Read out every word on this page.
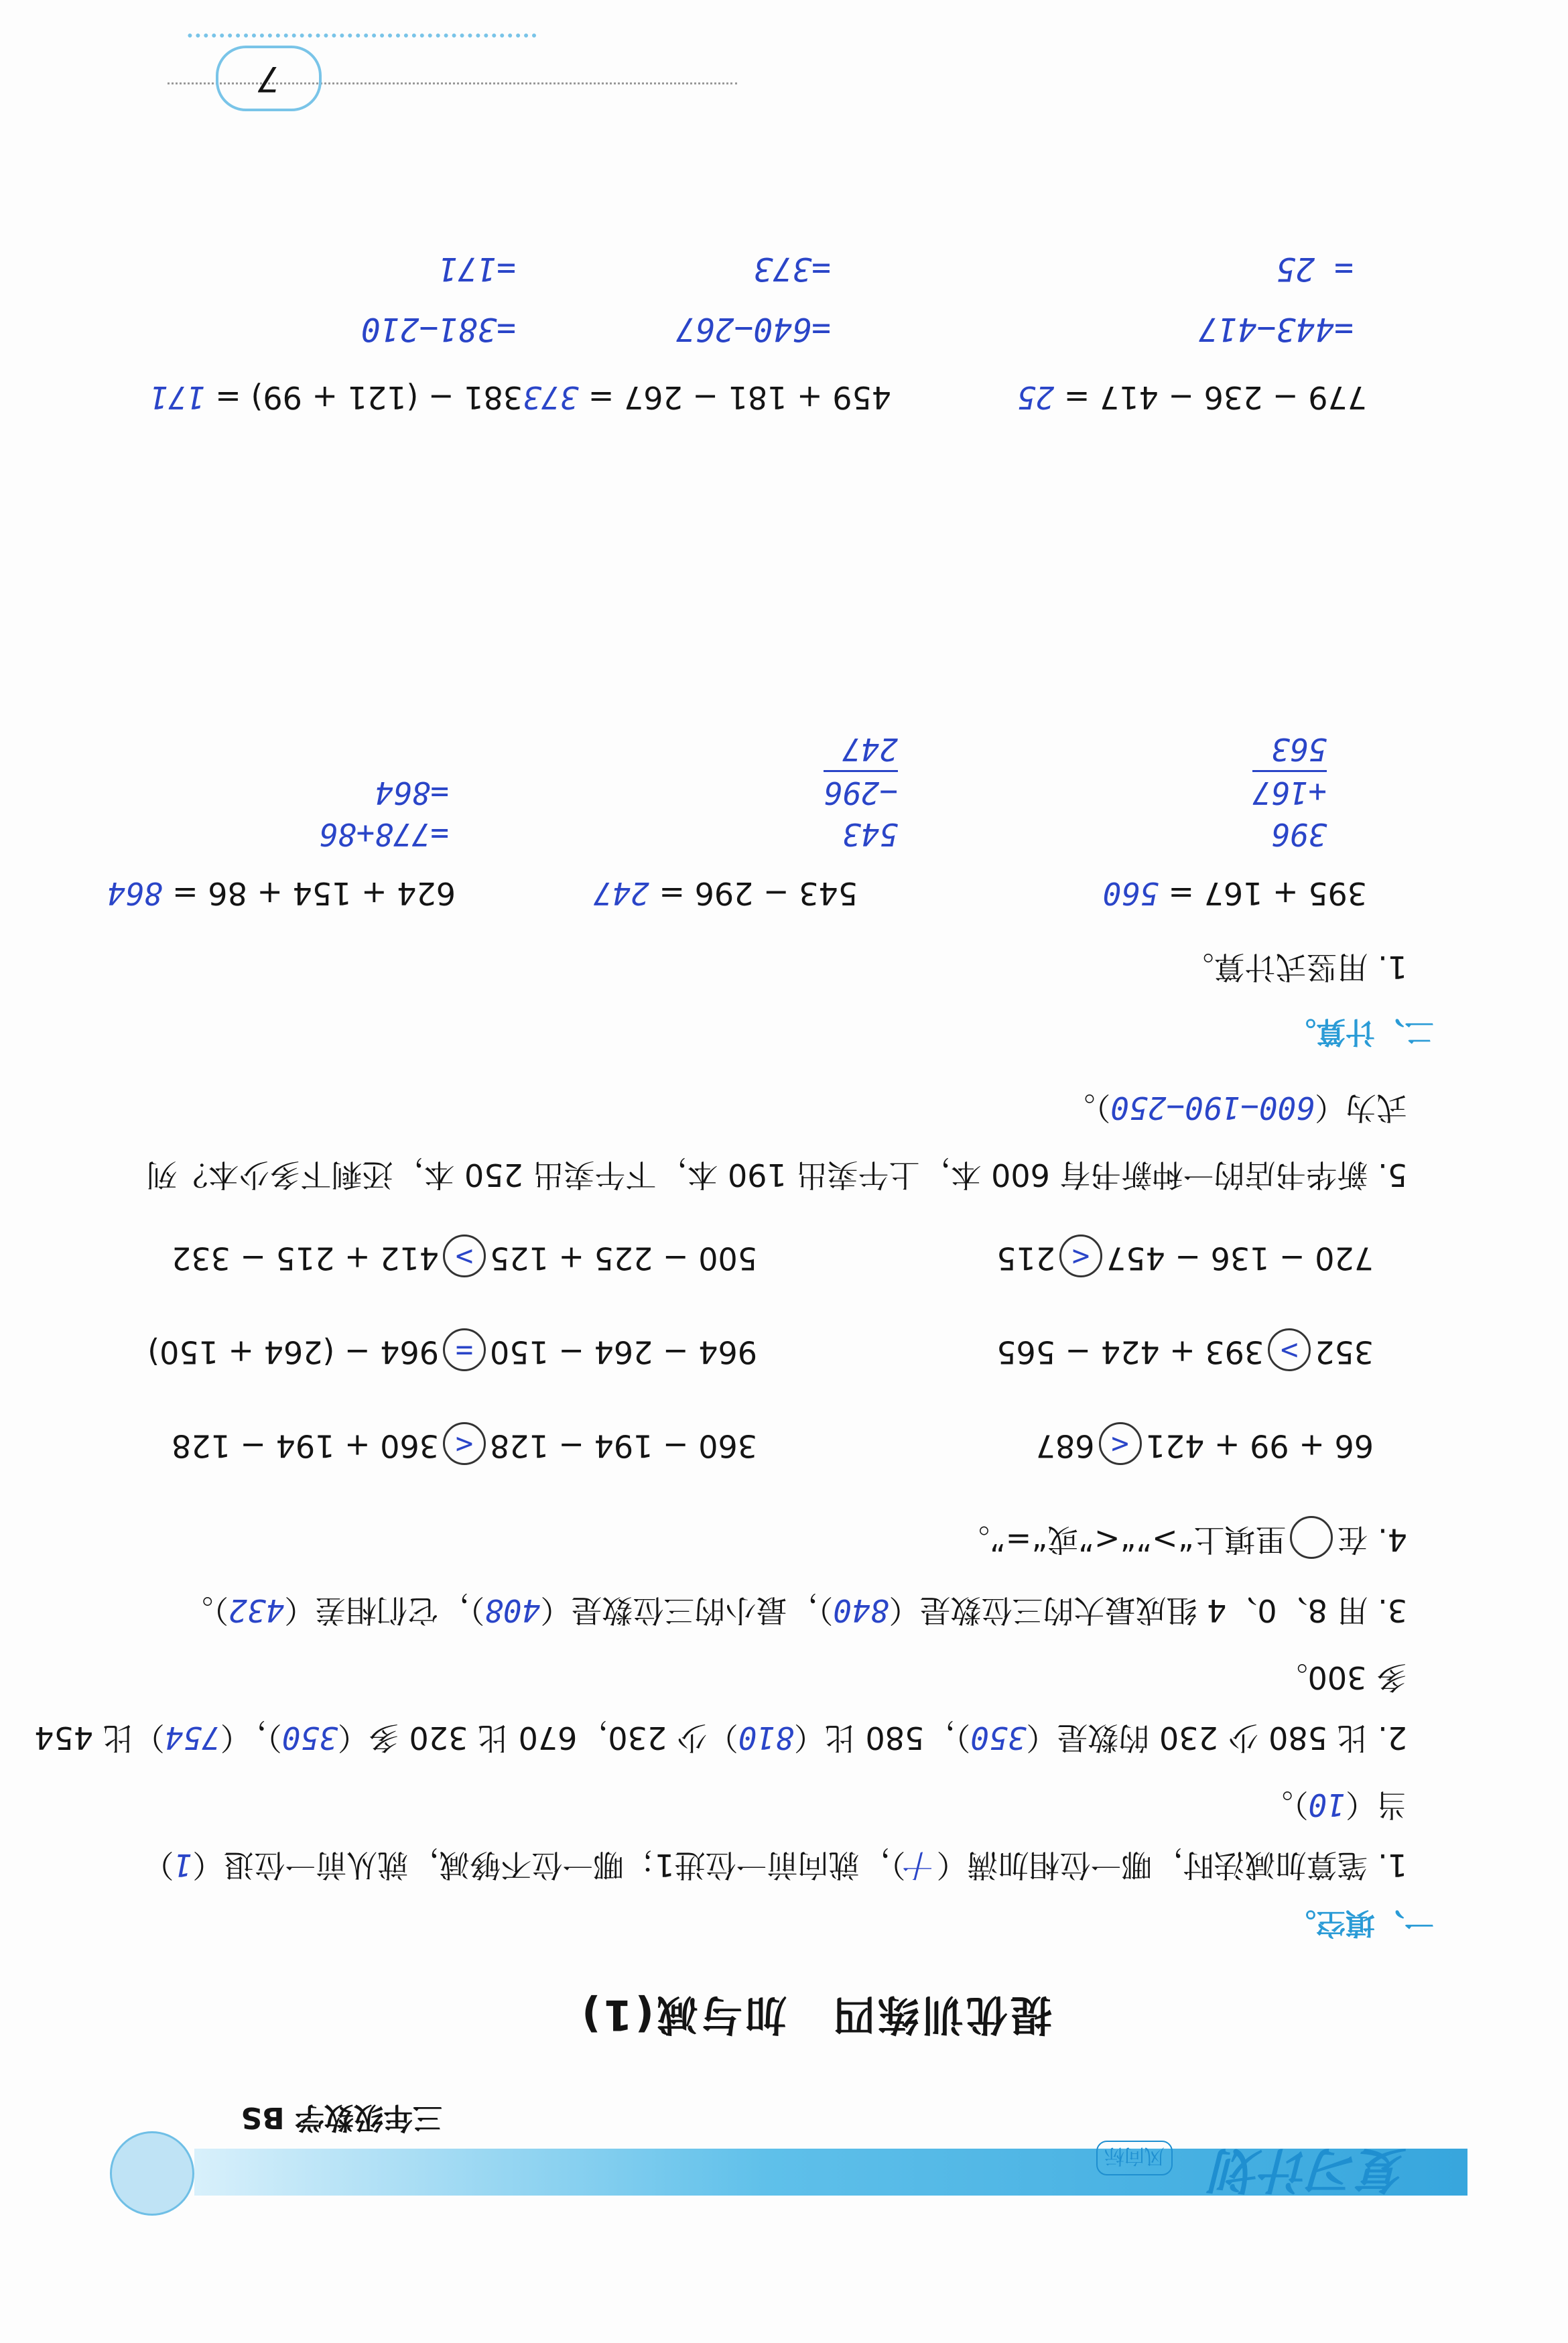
复习计划
风向标
三年级数学 BS
提优训练四　加与减(1)
一、填空。
1. 笔算加减法时，哪一位相加满（十），就向前一位进1；哪一位不够减，就从前一位退（1）
当（10）。
2. 比 580 少 230 的数是（350），580 比（810）少 230，670 比 320 多（350），（754）比 454
多 300。
3. 用 8、0、4 组成最大的三位数是（840），最小的三位数是（408），它们相差（432）。
4. 在里填上“>”“<”或“=”。
66 + 99 + 421<687
360 − 194 − 128<360 + 194 − 128
352>393 + 424 − 565
964 − 264 − 150=964 − (264 + 150)
720 − 136 − 457<215
500 − 225 + 125>412 + 215 − 332
5. 新华书店的一种新书有 600 本，上午卖出 190 本，下午卖出 250 本，还剩下多少本？列
式为（600−190−250）。
二、计算。
1. 用竖式计算。
395 + 167 = 560
396
+167
563
543 − 296 = 247
543
−296
247
624 + 154 + 86 = 864
=778+86
=864
779 − 236 − 417 = 25
=443−417
= 25
459 + 181 − 267 = 373
=640−267
=373
381 − (121 + 99) = 171
=381−210
=171
7
